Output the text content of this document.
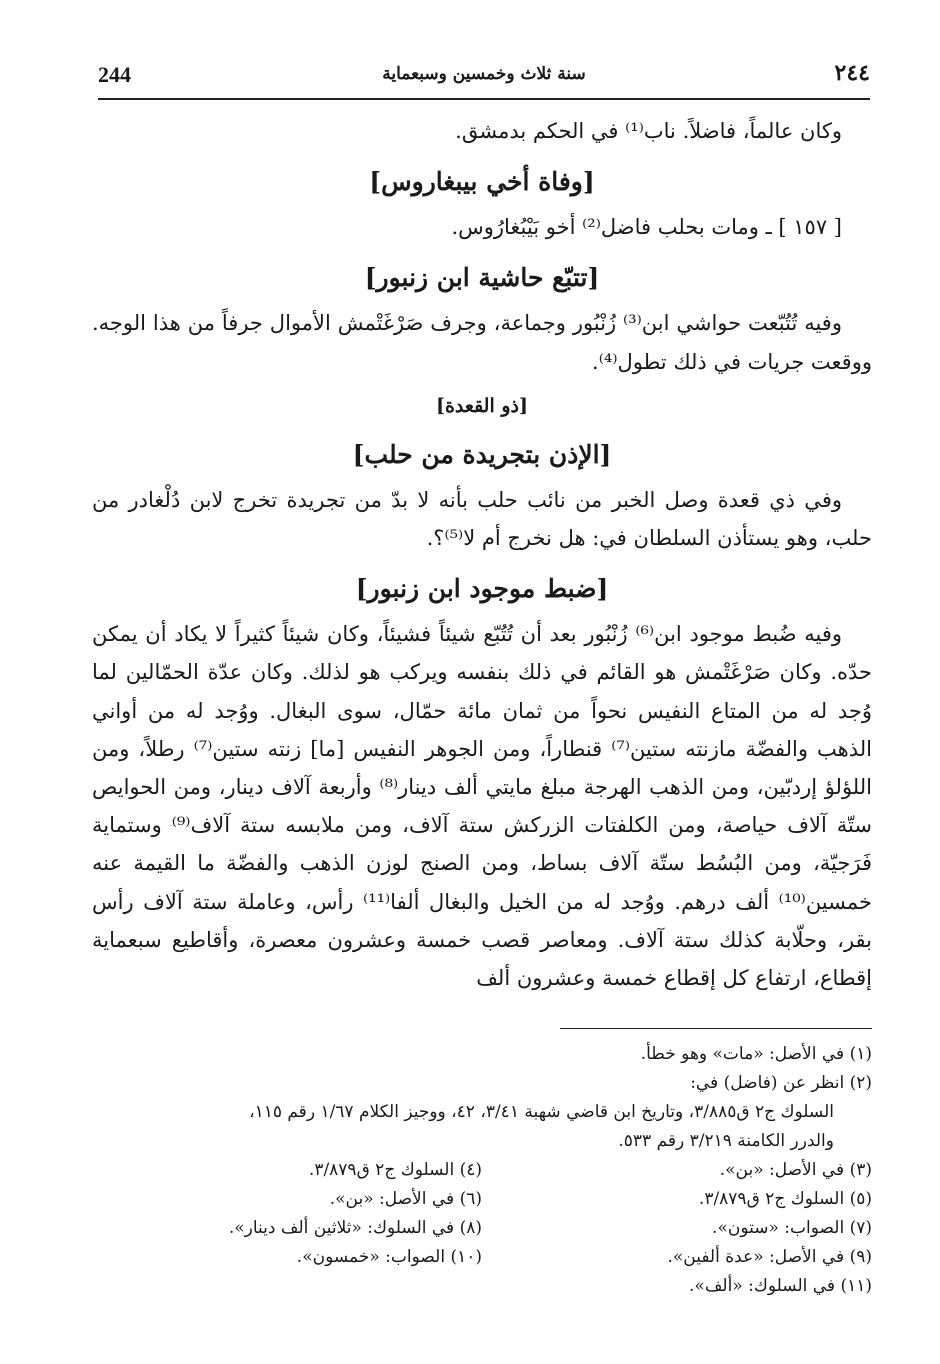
244	سنة ثلاث وخمسين وسبعماية	٢٤٤

وكان عالماً، فاضلاً. ناب⁽¹⁾ في الحكم بدمشق.

[وفاة أخي بيبغاروس]

[ ١٥٧ ] ـ ومات بحلب فاضل⁽²⁾ أخو بَيْبُغارُوس.

[تتبّع حاشية ابن زنبور]

وفيه تُتُبّعت حواشي ابن⁽³⁾ زُنْبُور وجماعة، وجرف صَرْغَتْمش الأموال جرفاً من هذا الوجه. ووقعت جريات في ذلك تطول⁽⁴⁾.

[ذو القعدة]
[الإذن بتجريدة من حلب]

وفي ذي قعدة وصل الخبر من نائب حلب بأنه لا بدّ من تجريدة تخرج لابن دُلْغادر من حلب، وهو يستأذن السلطان في: هل نخرج أم لا⁽⁵⁾؟.

[ضبط موجود ابن زنبور]

وفيه ضُبط موجود ابن⁽⁶⁾ زُنْبُور بعد أن تُتُبّع شيئاً فشيئاً، وكان شيئاً كثيراً لا يكاد أن يمكن حدّه. وكان صَرْغَتْمش هو القائم في ذلك بنفسه ويركب هو لذلك. وكان عدّة الحمّالين لما وُجد له من المتاع النفيس نحواً من ثمان مائة حمّال، سوى البغال. ووُجد له من أواني الذهب والفضّة مازنته ستين⁽⁷⁾ قنطاراً، ومن الجوهر النفيس [ما] زنته ستين⁽⁷⁾ رطلاً، ومن اللؤلؤ إردبّين، ومن الذهب الهرجة مبلغ مايتي ألف دينار⁽⁸⁾ وأربعة آلاف دينار، ومن الحوايص ستّة آلاف حياصة، ومن الكلفتات الزركش ستة آلاف، ومن ملابسه ستة آلاف⁽⁹⁾ وستماية فَرَجيّة، ومن البُسُط ستّة آلاف بساط، ومن الصنج لوزن الذهب والفضّة ما القيمة عنه خمسين⁽¹⁰⁾ ألف درهم. ووُجد له من الخيل والبغال ألفا⁽¹¹⁾ رأس، وعاملة ستة آلاف رأس بقر، وحلّابة كذلك ستة آلاف. ومعاصر قصب خمسة وعشرون معصرة، وأقاطيع سبعماية إقطاع، ارتفاع كل إقطاع خمسة وعشرون ألف

(١) في الأصل: «مات» وهو خطأ.

(٢) انظر عن (فاضل) في:

السلوك ج٢ ق٣/٨٨٥، وتاريخ ابن قاضي شهبة ٣/٤١، ٤٢، ووجيز الكلام ١/٦٧ رقم ١١٥،

والدرر الكامنة ٣/٢١٩ رقم ٥٣٣.

(٣) في الأصل: «بن».

(٤) السلوك ج٢ ق٣/٨٧٩.

(٥) السلوك ج٢ ق٣/٨٧٩.

(٦) في الأصل: «بن».

(٧) الصواب: «ستون».

(٨) في السلوك: «ثلاثين ألف دينار».

(٩) في الأصل: «عدة ألفين».

(١٠) الصواب: «خمسون».

(١١) في السلوك: «ألف».
